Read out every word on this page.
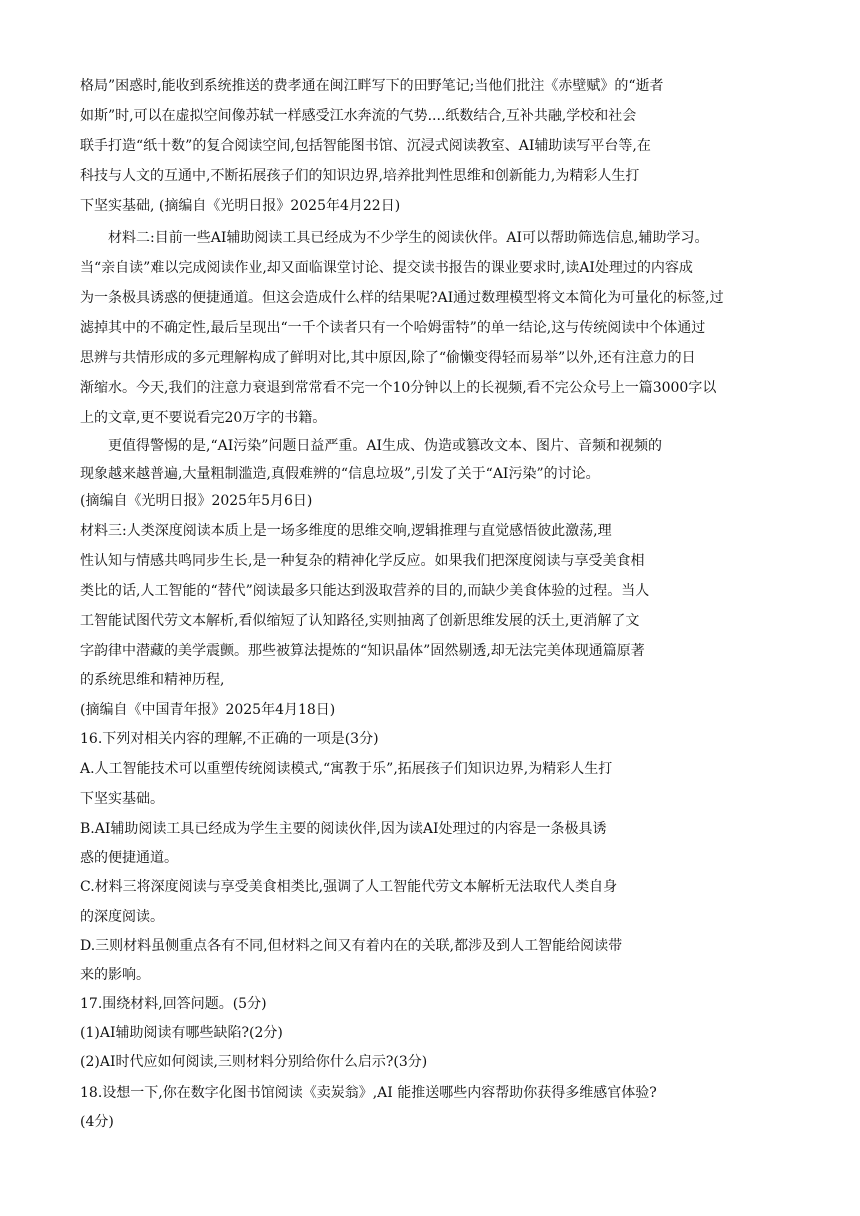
格局”困惑时,能收到系统推送的费孝通在闽江畔写下的田野笔记;当他们批注《赤壁赋》的“逝者

如斯”时,可以在虚拟空间像苏轼一样感受江水奔流的气势....纸数结合,互补共融,学校和社会

联手打造“纸十数”的复合阅读空间,包括智能图书馆、沉浸式阅读教室、AI辅助读写平台等,在

科技与人文的互通中,不断拓展孩子们的知识边界,培养批判性思维和创新能力,为精彩人生打

下坚实基础, (摘编自《光明日报》2025年4月22日)

材料二:目前一些AI辅助阅读工具已经成为不少学生的阅读伙伴。AI可以帮助筛选信息,辅助学习。

当“亲自读”难以完成阅读作业,却又面临课堂讨论、提交读书报告的课业要求时,读AI处理过的内容成

为一条极具诱惑的便捷通道。但这会造成什么样的结果呢?AI通过数理模型将文本简化为可量化的标签,过

滤掉其中的不确定性,最后呈现出“一千个读者只有一个哈姆雷特”的单一结论,这与传统阅读中个体通过

思辨与共情形成的多元理解构成了鲜明对比,其中原因,除了“偷懒变得轻而易举”以外,还有注意力的日

渐缩水。今天,我们的注意力衰退到常常看不完一个10分钟以上的长视频,看不完公众号上一篇3000字以

上的文章,更不要说看完20万字的书籍。

更值得警惕的是,“AI污染”问题日益严重。AI生成、伪造或篡改文本、图片、音频和视频的

现象越来越普遍,大量粗制滥造,真假难辨的“信息垃圾”,引发了关于“AI污染”的讨论。

(摘编自《光明日报》2025年5月6日)

材料三:人类深度阅读本质上是一场多维度的思维交响,逻辑推理与直觉感悟彼此激荡,理

性认知与情感共鸣同步生长,是一种复杂的精神化学反应。如果我们把深度阅读与享受美食相

类比的话,人工智能的“替代”阅读最多只能达到汲取营养的目的,而缺少美食体验的过程。当人

工智能试图代劳文本解析,看似缩短了认知路径,实则抽离了创新思维发展的沃土,更消解了文

字韵律中潜藏的美学震颤。那些被算法提炼的“知识晶体”固然剔透,却无法完美体现通篇原著

的系统思维和精神历程,

(摘编自《中国青年报》2025年4月18日)

16.下列对相关内容的理解,不正确的一项是(3分)

A.人工智能技术可以重塑传统阅读模式,“寓教于乐”,拓展孩子们知识边界,为精彩人生打

下坚实基础。

B.AI辅助阅读工具已经成为学生主要的阅读伙伴,因为读AI处理过的内容是一条极具诱

惑的便捷通道。

C.材料三将深度阅读与享受美食相类比,强调了人工智能代劳文本解析无法取代人类自身

的深度阅读。

D.三则材料虽侧重点各有不同,但材料之间又有着内在的关联,都涉及到人工智能给阅读带

来的影响。

17.围绕材料,回答问题。(5分)

(1)AI辅助阅读有哪些缺陷?(2分)

(2)AI时代应如何阅读,三则材料分别给你什么启示?(3分)

18.设想一下,你在数字化图书馆阅读《卖炭翁》,AI 能推送哪些内容帮助你获得多维感官体验?

(4分)
